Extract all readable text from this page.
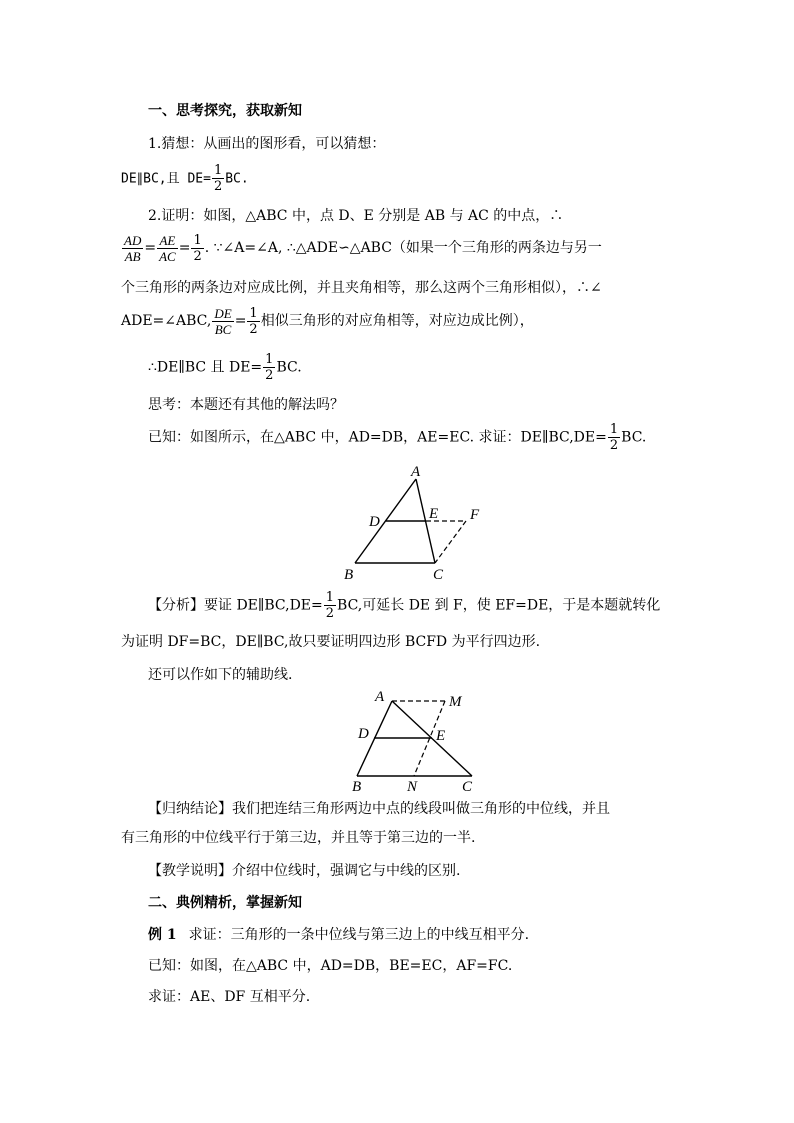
一、思考探究，获取新知
1.猜想：从画出的图形看，可以猜想：
DE∥BC,且 $DE= \frac{1}{2}$ BC.
2.证明：如图，△ABC 中，点 D、E 分别是 AB 与 AC 的中点，∴
$\frac{AD}{AB} = \frac{AE}{AC} = \frac{1}{2}$ . ∵∠A=∠A, ∴△ADE∽△ABC（如果一个三角形的两条边与另一
个三角形的两条边对应成比例，并且夹角相等，那么这两个三角形相似），∴∠
ADE=∠ABC, $\frac{DE}{BC} = \frac{1}{2}$ 相似三角形的对应角相等，对应边成比例），
∴DE∥BC 且 $DE= \frac{1}{2}$ BC.
思考：本题还有其他的解法吗？
已知：如图所示，在△ABC 中，AD=DB，AE=EC. 求证：DE∥BC,DE= $\frac{1}{2}$ BC.
A
D	E F
B	C
【分析】要证 DE∥BC,DE= $\frac{1}{2}$ BC,可延长 DE 到 F，使 EF=DE，于是本题就转化
为证明 DF=BC，DE∥BC,故只要证明四边形 BCFD 为平行四边形.
还可以作如下的辅助线.
A	M
D	E
B	N	C
【归纳结论】我们把连结三角形两边中点的线段叫做三角形的中位线，并且
有三角形的中位线平行于第三边，并且等于第三边的一半.
【教学说明】介绍中位线时，强调它与中线的区别.
二、典例精析，掌握新知
例 1 求证：三角形的一条中位线与第三边上的中线互相平分.
已知：如图，在△ABC 中，AD=DB，BE=EC，AF=FC.
求证：AE、DF 互相平分.
